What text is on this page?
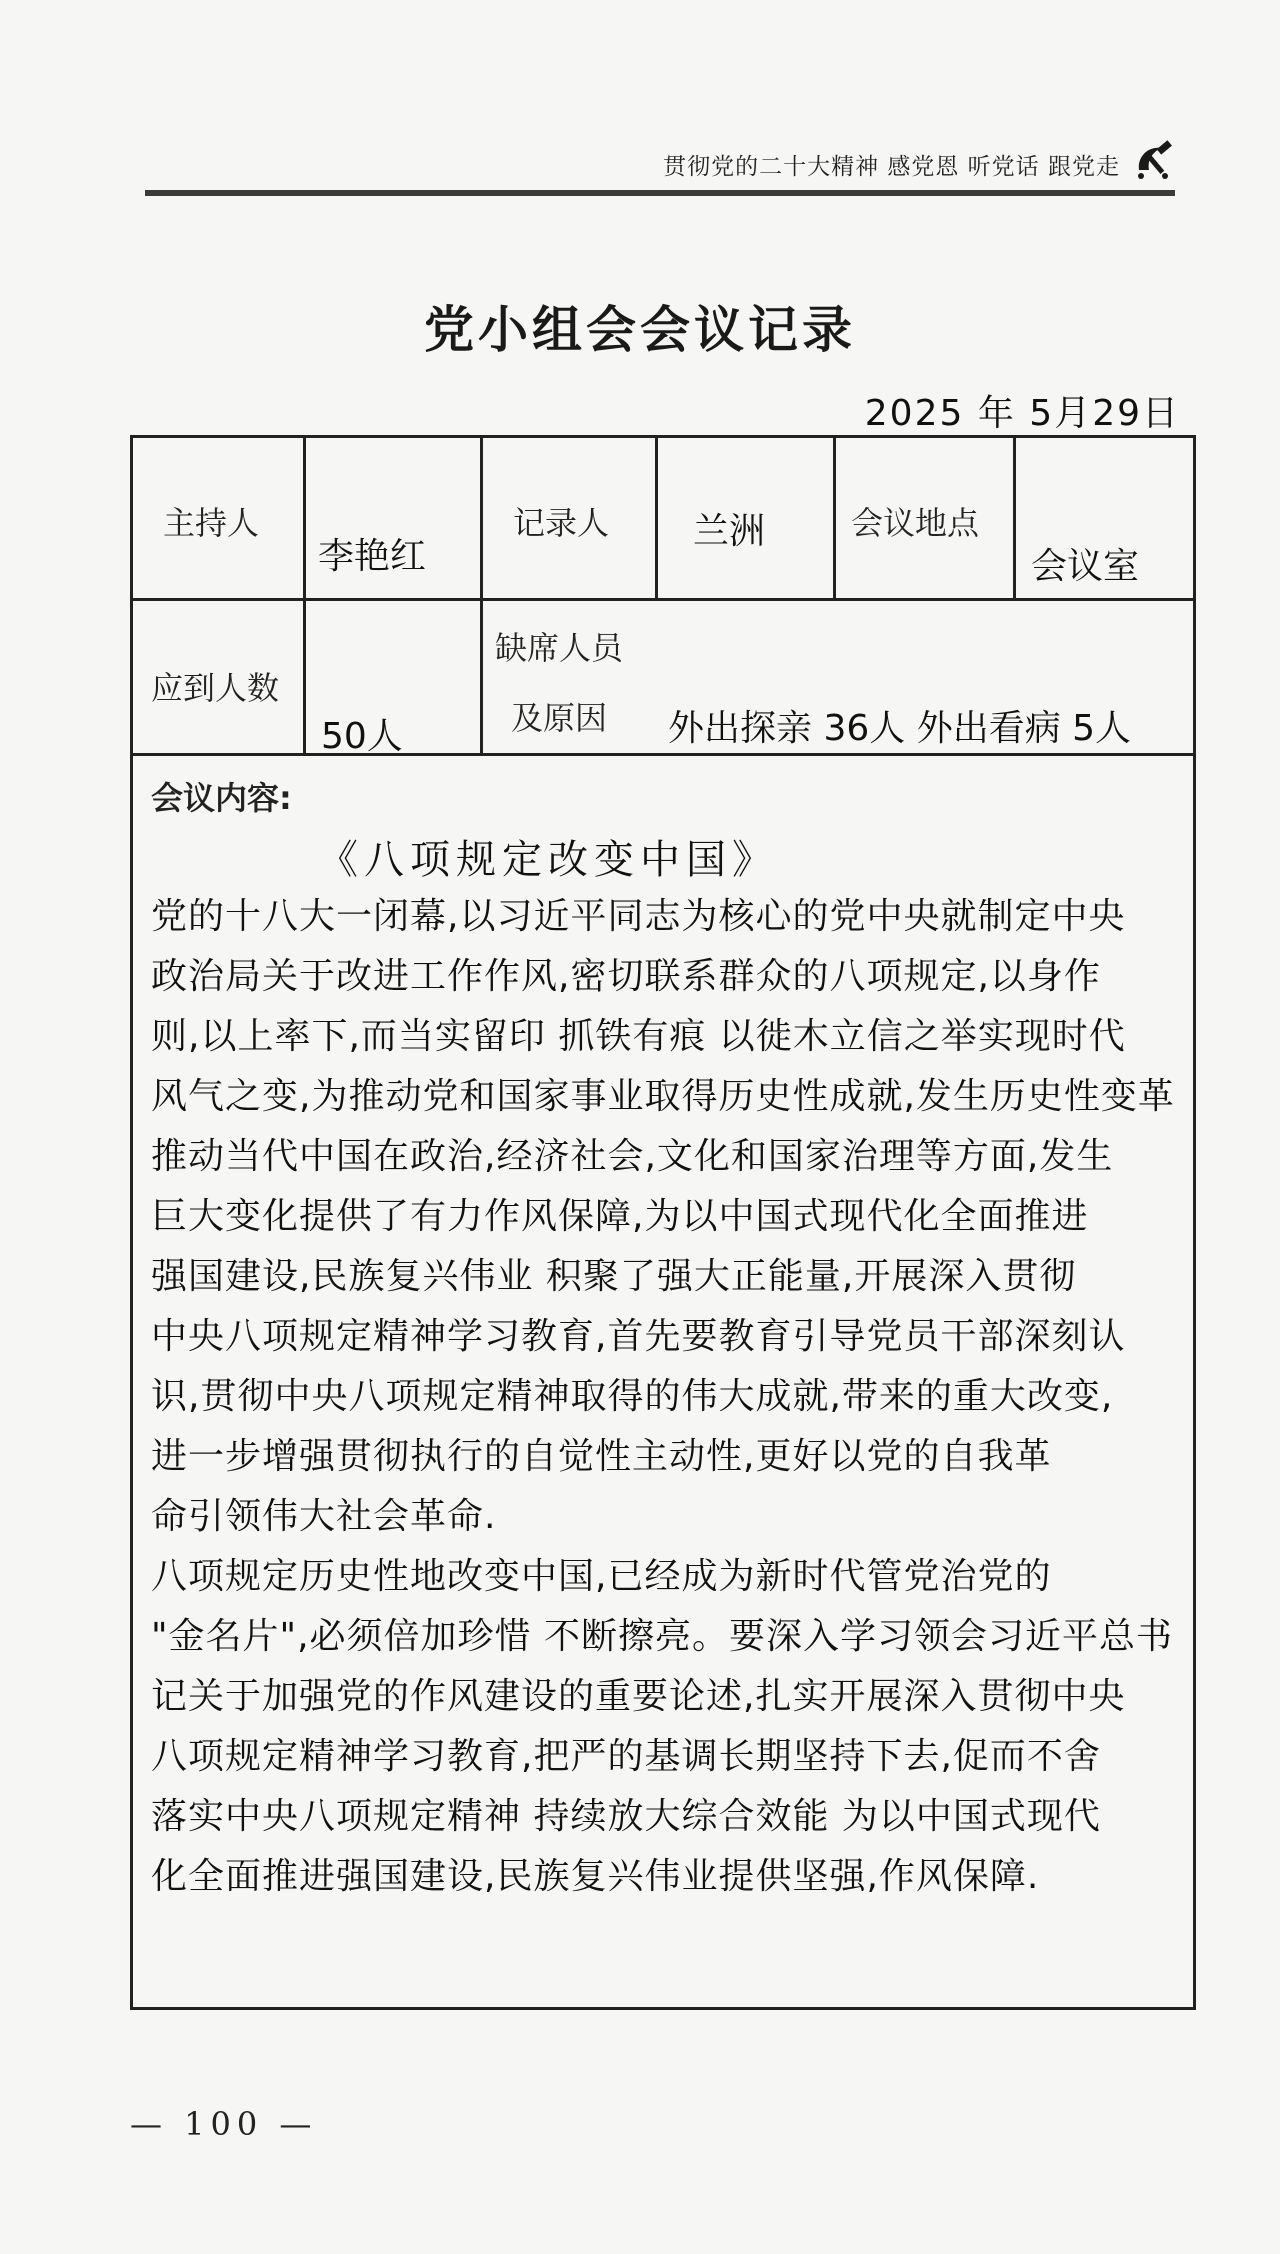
贯彻党的二十大精神 感党恩 听党话 跟党走
党小组会会议记录
2025 年 5月29日
主持人
李艳红
记录人 兰洲	会议地点
会议室
应到人数
50人
缺席人员
及原因 外出探亲 36人 外出看病 5人
会议内容:
《八项规定改变中国》
党的十八大一闭幕,以习近平同志为核心的党中央就制定中央
政治局关于改进工作作风,密切联系群众的八项规定,以身作
则,以上率下,而当实留印 抓铁有痕 以徙木立信之举实现时代
风气之变,为推动党和国家事业取得历史性成就,发生历史性变革
推动当代中国在政治,经济社会,文化和国家治理等方面,发生
巨大变化提供了有力作风保障,为以中国式现代化全面推进
强国建设,民族复兴伟业 积聚了强大正能量,开展深入贯彻
中央八项规定精神学习教育,首先要教育引导党员干部深刻认
识,贯彻中央八项规定精神取得的伟大成就,带来的重大改变,
进一步增强贯彻执行的自觉性主动性,更好以党的自我革
命引领伟大社会革命.
八项规定历史性地改变中国,已经成为新时代管党治党的
"金名片",必须倍加珍惜 不断擦亮。要深入学习领会习近平总书
记关于加强党的作风建设的重要论述,扎实开展深入贯彻中央
八项规定精神学习教育,把严的基调长期坚持下去,促而不舍
落实中央八项规定精神 持续放大综合效能 为以中国式现代
化全面推进强国建设,民族复兴伟业提供坚强,作风保障.
— 100 —
